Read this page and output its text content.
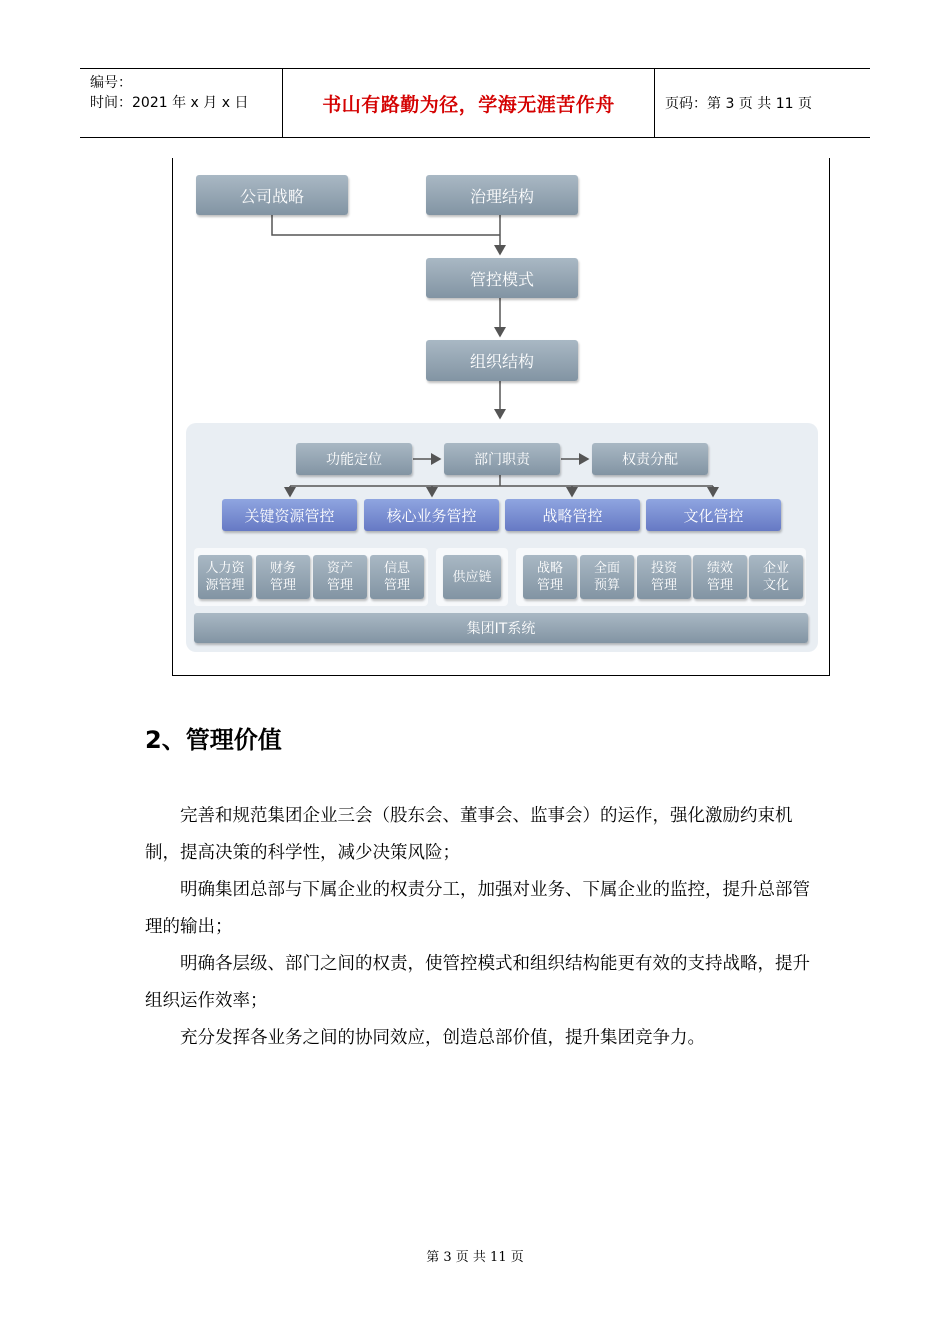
编号：
时间：2021 年 x 月 x 日	书山有路勤为径，学海无涯苦作舟	页码：第 3 页 共 11 页
公司战略	治理结构
管控模式
组织结构
功能定位	部门职责	权责分配
关键资源管控	核心业务管控	战略管控	文化管控
人力资
源管理
财务
管理
资产
管理
信息
管理
供应链
战略
管理
全面
预算
投资
管理
绩效
管理
企业
文化
集团IT系统
2、管理价值
完善和规范集团企业三会（股东会、董事会、监事会）的运作，强化激励约束机制，提高决策的科学性，减少决策风险；
明确集团总部与下属企业的权责分工，加强对业务、下属企业的监控，提升总部管理的输出；
明确各层级、部门之间的权责，使管控模式和组织结构能更有效的支持战略，提升组织运作效率；
充分发挥各业务之间的协同效应，创造总部价值，提升集团竞争力。
第 3 页 共 11 页
